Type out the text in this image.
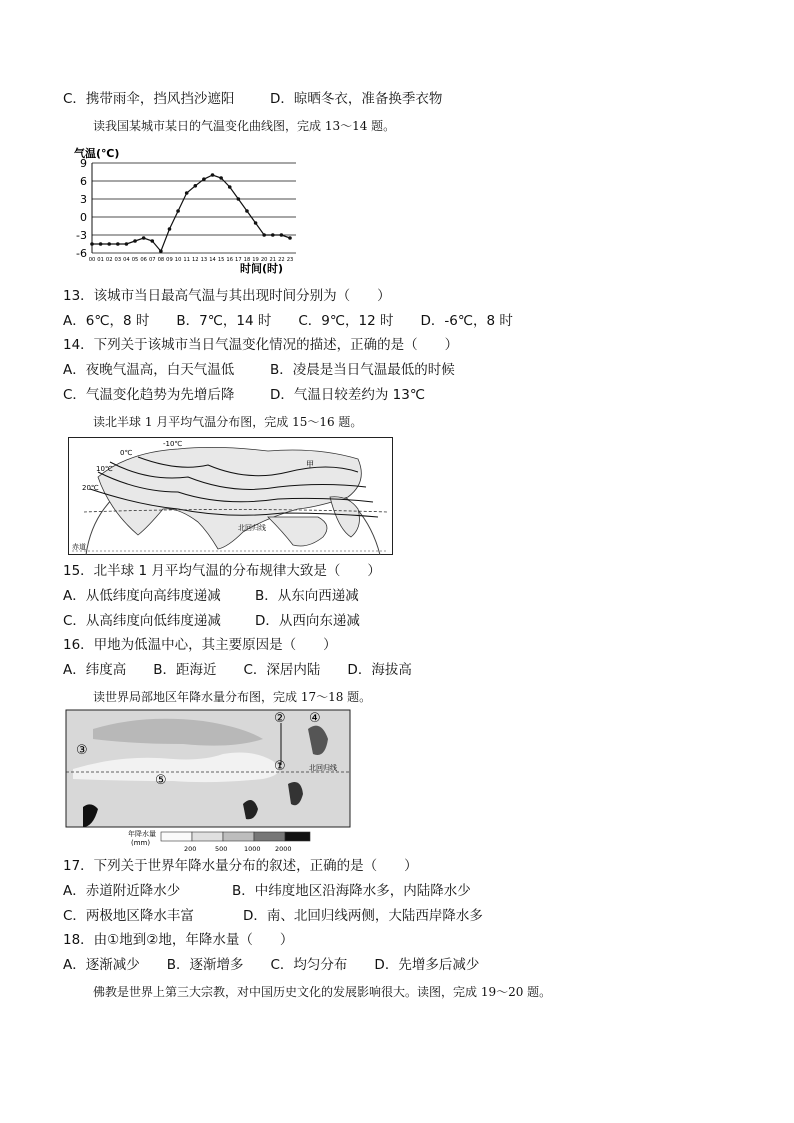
C．携带雨伞，挡风挡沙遮阳	D．晾晒冬衣，准备换季衣物
读我国某城市某日的气温变化曲线图，完成 13～14 题。
气温(℃)
-6
-3
0
3
6
9
00 01 02 03 04 05 06 07 08 09 10 11 12 13 14 15 16 17 18 19 20 21 22 23
时间(时)
13．该城市当日最高气温与其出现时间分别为（　　）
A．6℃，8 时　　B．7℃，14 时　　C．9℃，12 时　　D．-6℃，8 时
14．下列关于该城市当日气温变化情况的描述，正确的是（　　）
A．夜晚气温高，白天气温低	B．凌晨是当日气温最低的时候
C．气温变化趋势为先增后降	D．气温日较差约为 13℃
读北半球 1 月平均气温分布图，完成 15～16 题。
-10℃
0℃
10℃
20℃
甲
北回归线
赤道
15．北半球 1 月平均气温的分布规律大致是（　　）
A．从低纬度向高纬度递减	B．从东向西递减
C．从高纬度向低纬度递减	D．从西向东递减
16．甲地为低温中心，其主要原因是（　　）
A．纬度高　　B．距海近　　C．深居内陆　　D．海拔高
读世界局部地区年降水量分布图，完成 17～18 题。
①
②
③
④
⑤
北回归线
年降水量
(mm)
200	500	1000 2000
17．下列关于世界年降水量分布的叙述，正确的是（　　）
A．赤道附近降水少	B．中纬度地区沿海降水多，内陆降水少
C．两极地区降水丰富	D．南、北回归线两侧，大陆西岸降水多
18．由①地到②地，年降水量（　　）
A．逐渐减少　　B．逐渐增多　　C．均匀分布　　D．先增多后减少
佛教是世界上第三大宗教，对中国历史文化的发展影响很大。读图，完成 19～20 题。
